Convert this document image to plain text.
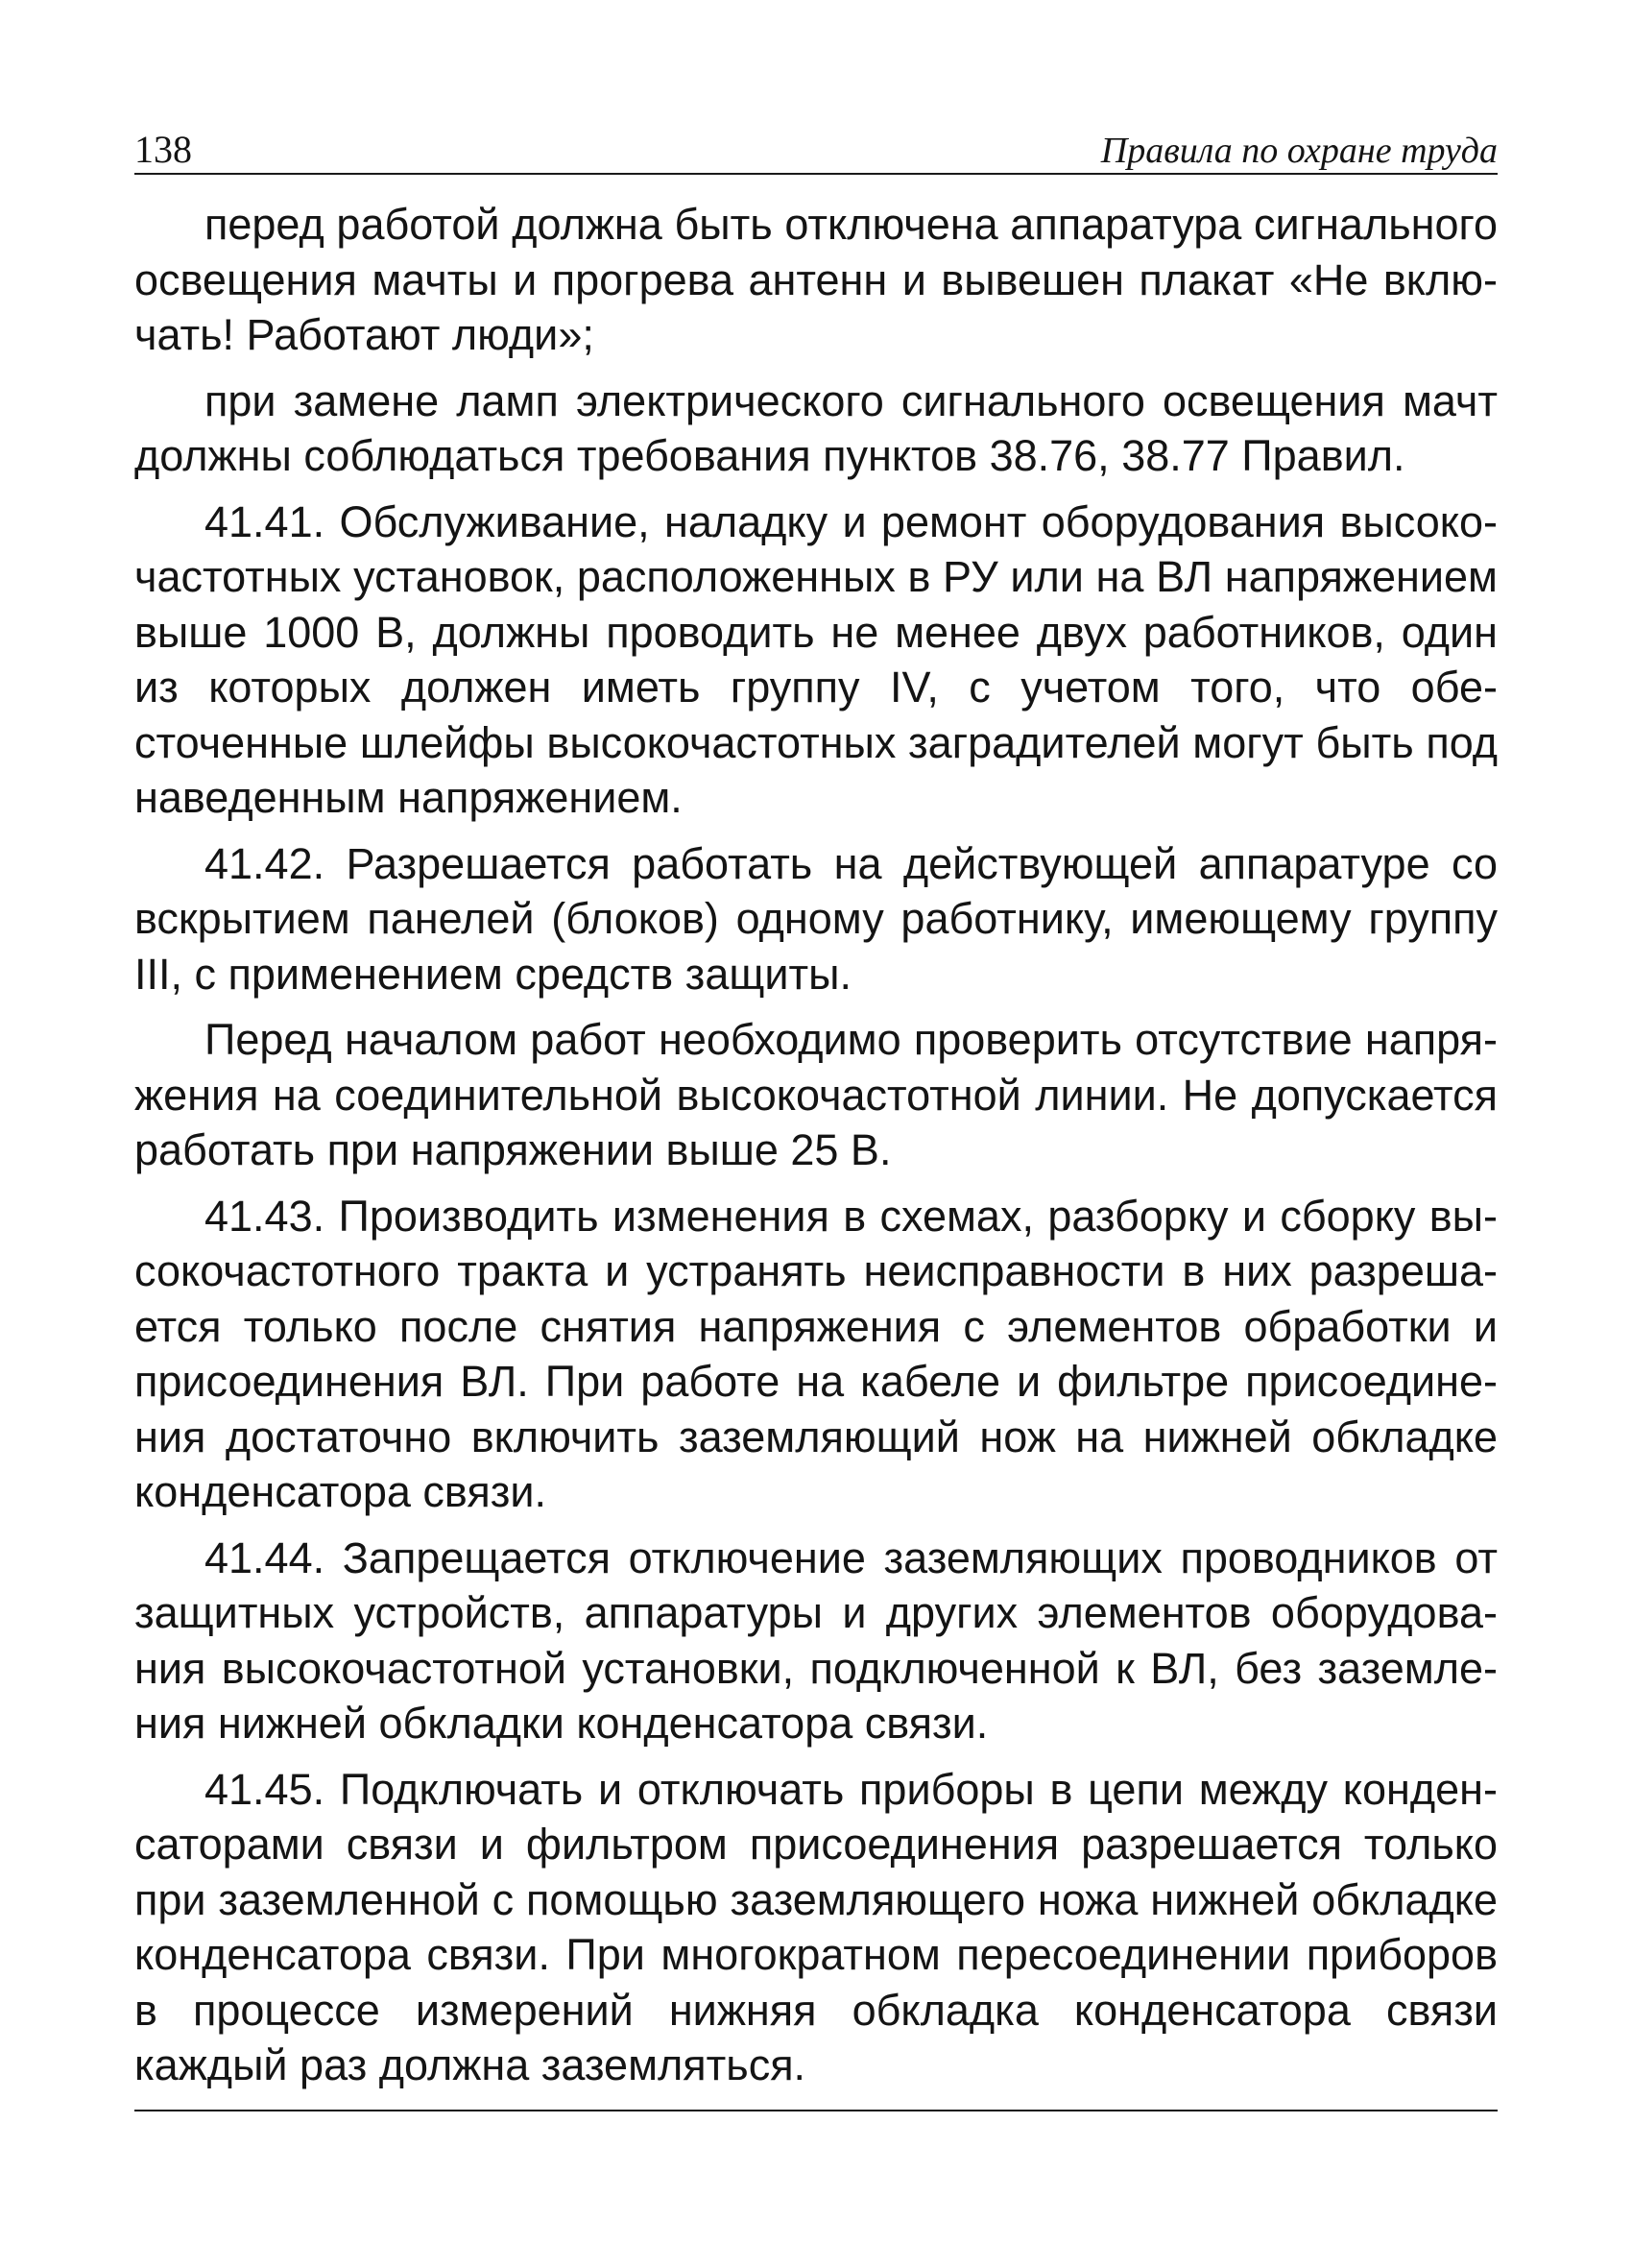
138	Правила по охране труда

перед работой должна быть отключена аппаратура сигнального освещения мачты и прогрева антенн и вывешен плакат «Не включать! Работают люди»;

при замене ламп электрического сигнального освещения мачт должны соблюдаться требования пунктов 38.76, 38.77 Правил.

41.41. Обслуживание, наладку и ремонт оборудования высокочастотных установок, расположенных в РУ или на ВЛ напряжением выше 1000 В, должны проводить не менее двух работников, один из которых должен иметь группу IV, с учетом того, что обесточенные шлейфы высокочастотных заградителей могут быть под наведенным напряжением.

41.42. Разрешается работать на действующей аппаратуре со вскрытием панелей (блоков) одному работнику, имеющему группу III, с применением средств защиты.

Перед началом работ необходимо проверить отсутствие напряжения на соединительной высокочастотной линии. Не допускается работать при напряжении выше 25 В.

41.43. Производить изменения в схемах, разборку и сборку высокочастотного тракта и устранять неисправности в них разрешается только после снятия напряжения с элементов обработки и присоединения ВЛ. При работе на кабеле и фильтре присоединения достаточно включить заземляющий нож на нижней обкладке конденсатора связи.

41.44. Запрещается отключение заземляющих проводников от защитных устройств, аппаратуры и других элементов оборудования высокочастотной установки, подключенной к ВЛ, без заземления нижней обкладки конденсатора связи.

41.45. Подключать и отключать приборы в цепи между конденсаторами связи и фильтром присоединения разрешается только при заземленной с помощью заземляющего ножа нижней обкладке конденсатора связи. При многократном пересоединении приборов в процессе измерений нижняя обкладка конденсатора связи каждый раз должна заземляться.
